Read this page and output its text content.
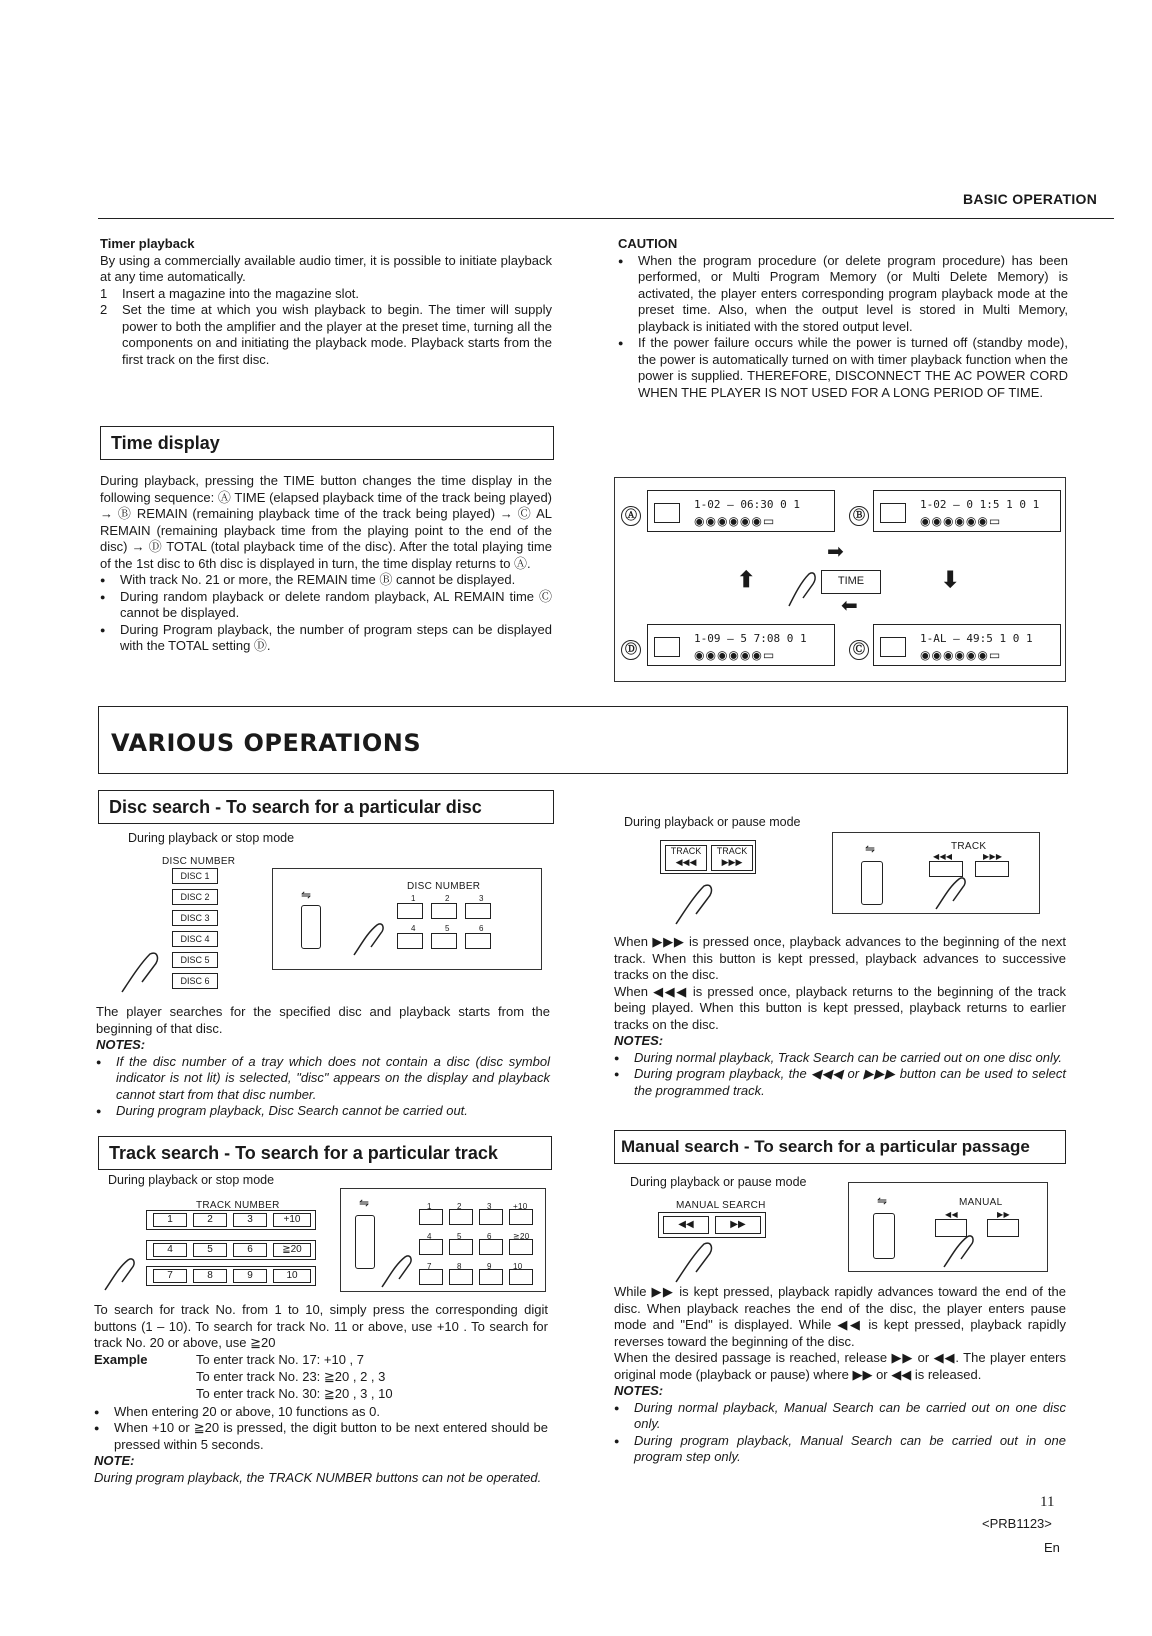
BASIC OPERATION
Timer playback
By using a commercially available audio timer, it is possible to initiate playback at any time automatically.
1 Insert a magazine into the magazine slot.
2 Set the time at which you wish playback to begin. The timer will supply power to both the amplifier and the player at the preset time, turning all the components on and initiating the playback mode. Playback starts from the first track on the first disc.
CAUTION
● When the program procedure (or delete program procedure) has been performed, or Multi Program Memory (or Multi Delete Memory) is activated, the player enters corresponding program playback mode at the preset time. Also, when the output level is stored in Multi Memory, playback is initiated with the stored output level.
● If the power failure occurs while the power is turned off (standby mode), the power is automatically turned on with timer playback function when the power is supplied. THEREFORE, DISCONNECT THE AC POWER CORD WHEN THE PLAYER IS NOT USED FOR A LONG PERIOD OF TIME.
Time display
During playback, pressing the TIME button changes the time display in the following sequence: Ⓐ TIME (elapsed playback time of the track being played) → Ⓑ REMAIN (remaining playback time of the track being played) → Ⓒ AL REMAIN (remaining playback time from the playing point to the end of the disc) → Ⓓ TOTAL (total playback time of the disc). After the total playing time of the 1st disc to 6th disc is displayed in turn, the time display returns to Ⓐ.
● With track No. 21 or more, the REMAIN time Ⓑ cannot be displayed.
● During random playback or delete random playback, AL REMAIN time Ⓒ cannot be displayed.
● During Program playback, the number of program steps can be displayed with the TOTAL setting Ⓓ.
Ⓐ
1-02 — 06:30 0 1
◉◉◉◉◉◉▭	Ⓑ
1-02 — 0 1:5 1 0 1
◉◉◉◉◉◉▭
➡
⬆	TIME	⬇
⬅
Ⓓ
1-09 — 5 7:08 0 1
◉◉◉◉◉◉▭	Ⓒ
1-AL — 49:5 1 0 1
◉◉◉◉◉◉▭
VARIOUS OPERATIONS
Disc search - To search for a particular disc
During playback or stop mode
DISC NUMBER
DISC 1
DISC 2
DISC 3
DISC 4
DISC 5
DISC 6
⇋
DISC NUMBER
1	2	3
4	5	6
The player searches for the specified disc and playback starts from the beginning of that disc.
NOTES:
● If the disc number of a tray which does not contain a disc (disc symbol indicator is not lit) is selected, "disc" appears on the display and playback cannot start from that disc number.
● During program playback, Disc Search cannot be carried out.
During playback or pause mode
TRACK
◀◀◀
TRACK
▶▶▶
⇋	TRACK
◀◀◀	▶▶▶
When ▶▶▶ is pressed once, playback advances to the beginning of the next track. When this button is kept pressed, playback advances to successive tracks on the disc.
When ◀◀◀ is pressed once, playback returns to the beginning of the track being played. When this button is kept pressed, playback returns to earlier tracks on the disc.
NOTES:
● During normal playback, Track Search can be carried out on one disc only.
● During program playback, the ◀◀◀ or ▶▶▶ button can be used to select the programmed track.
Track search - To search for a particular track
During playback or stop mode
TRACK NUMBER
1	2	3	+10
4	5	6	≧20
7	8	9	10
⇋	1	2	3	+10
4	5	6	≧20
7	8	9	10
To search for track No. from 1 to 10, simply press the corresponding digit buttons (1 – 10). To search for track No. 11 or above, use +10 . To search for track No. 20 or above, use ≧20
Example	To enter track No. 17: +10 , 7
To enter track No. 23: ≧20 , 2 , 3
To enter track No. 30: ≧20 , 3 , 10
● When entering 20 or above, 10 functions as 0.
● When +10 or ≧20 is pressed, the digit button to be next entered should be pressed within 5 seconds.
NOTE:
During program playback, the TRACK NUMBER buttons can not be operated.
Manual search - To search for a particular passage
During playback or pause mode
MANUAL SEARCH
◀◀	▶▶
⇋	MANUAL
◀◀	▶▶
While ▶▶ is kept pressed, playback rapidly advances toward the end of the disc. When playback reaches the end of the disc, the player enters pause mode and "End" is displayed. While ◀◀ is kept pressed, playback rapidly reverses toward the beginning of the disc.
When the desired passage is reached, release ▶▶ or ◀◀. The player enters original mode (playback or pause) where ▶▶ or ◀◀ is released.
NOTES:
● During normal playback, Manual Search can be carried out on one disc only.
● During program playback, Manual Search can be carried out in one program step only.
11
<PRB1123>
En
